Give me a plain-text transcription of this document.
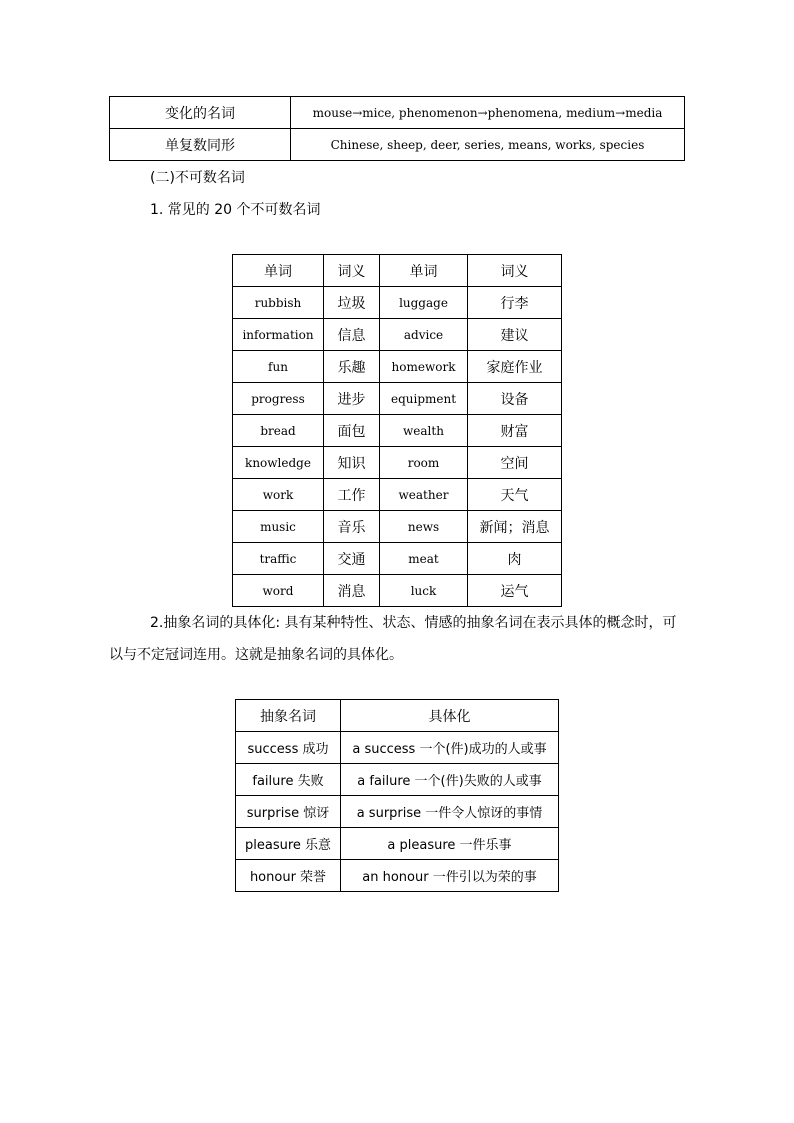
变化的名词	mouse→mice, phenomenon→phenomena, medium→media
单复数同形	Chinese, sheep, deer, series, means, works, species
(二)不可数名词
1. 常见的 20 个不可数名词
单词	词义	单词	词义
rubbish	垃圾	luggage	行李
information	信息	advice	建议
fun	乐趣	homework	家庭作业
progress	进步	equipment	设备
bread	面包	wealth	财富
knowledge	知识	room	空间
work	工作	weather	天气
music	音乐	news	新闻；消息
traffic	交通	meat	肉
word	消息	luck	运气
2.抽象名词的具体化: 具有某种特性、状态、情感的抽象名词在表示具体的概念时，可
以与不定冠词连用。这就是抽象名词的具体化。
抽象名词	具体化
success 成功	a success 一个(件)成功的人或事
failure 失败	a failure 一个(件)失败的人或事
surprise 惊讶	a surprise 一件令人惊讶的事情
pleasure 乐意	a pleasure 一件乐事
honour 荣誉	an honour 一件引以为荣的事
